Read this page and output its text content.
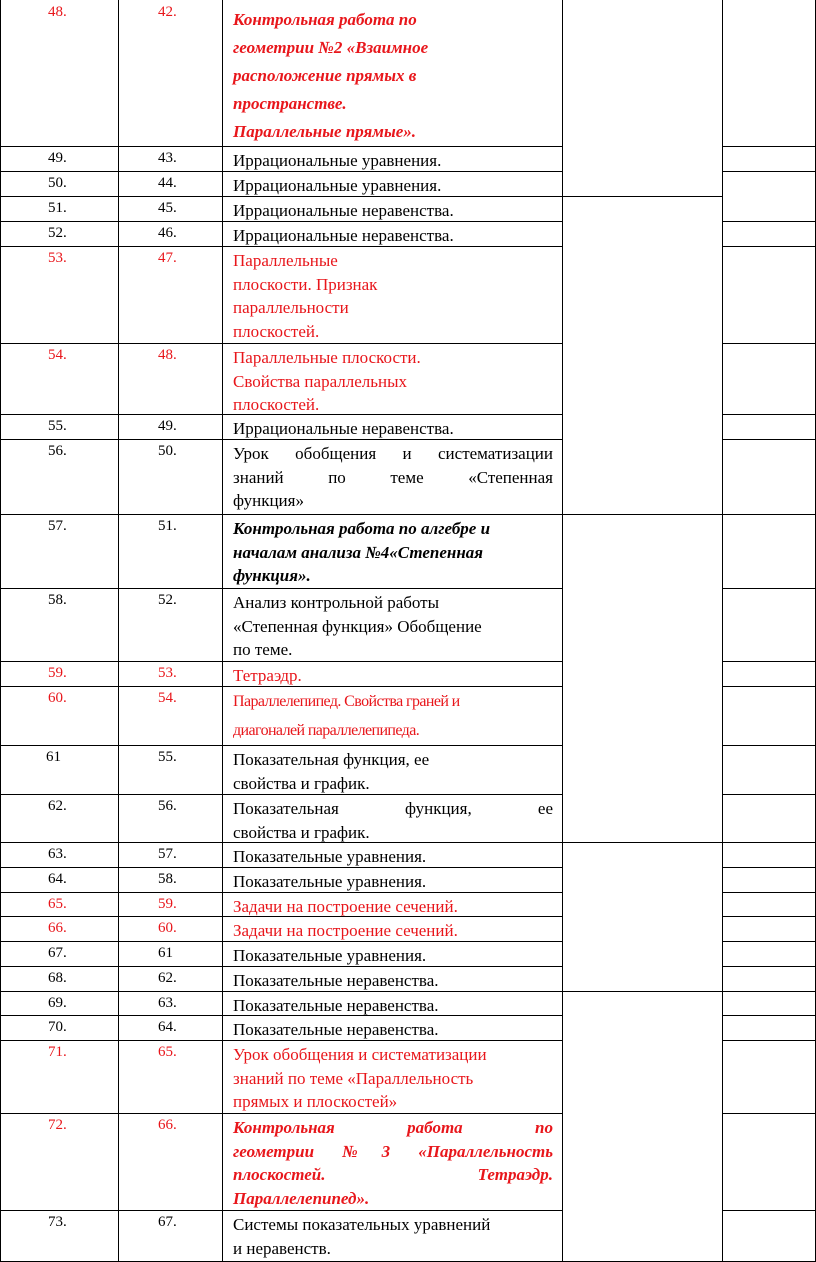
48.	42.	Контрольная работа по
геометрии №2 «Взаимное
расположение прямых в
пространстве.
Параллельные прямые».
49.	43.	Иррациональные уравнения.
50.	44.	Иррациональные уравнения.
51.	45.	Иррациональные неравенства.
52.	46.	Иррациональные неравенства.
53.	47.	Параллельные
плоскости. Признак
параллельности
плоскостей.
54.	48.	Параллельные плоскости.
Свойства параллельных
плоскостей.
55.	49.	Иррациональные неравенства.
56.	50.	Урок обобщения и систематизации
знаний по теме «Степенная
функция»
57.	51.	Контрольная работа по алгебре и
началам анализа №4«Степенная
функция».
58.	52.	Анализ контрольной работы
«Степенная функция» Обобщение
по теме.
59.	53.	Тетраэдр.
60.	54.	Параллелепипед. Свойства граней и
диагоналей параллелепипеда.
61	55.	Показательная функция, ее
свойства и график.
62.	56.	Показательная функция, ее
свойства и график.
63.	57.	Показательные уравнения.
64.	58.	Показательные уравнения.
65.	59.	Задачи на построение сечений.
66.	60.	Задачи на построение сечений.
67.	61	Показательные уравнения.
68.	62.	Показательные неравенства.
69.	63.	Показательные неравенства.
70.	64.	Показательные неравенства.
71.	65.	Урок обобщения и систематизации
знаний по теме «Параллельность
прямых и плоскостей»
72.	66.	Контрольная работа по
геометрии №3 «Параллельность
плоскостей. Тетраэдр.
Параллелепипед».
73.	67.	Системы показательных уравнений
и неравенств.
